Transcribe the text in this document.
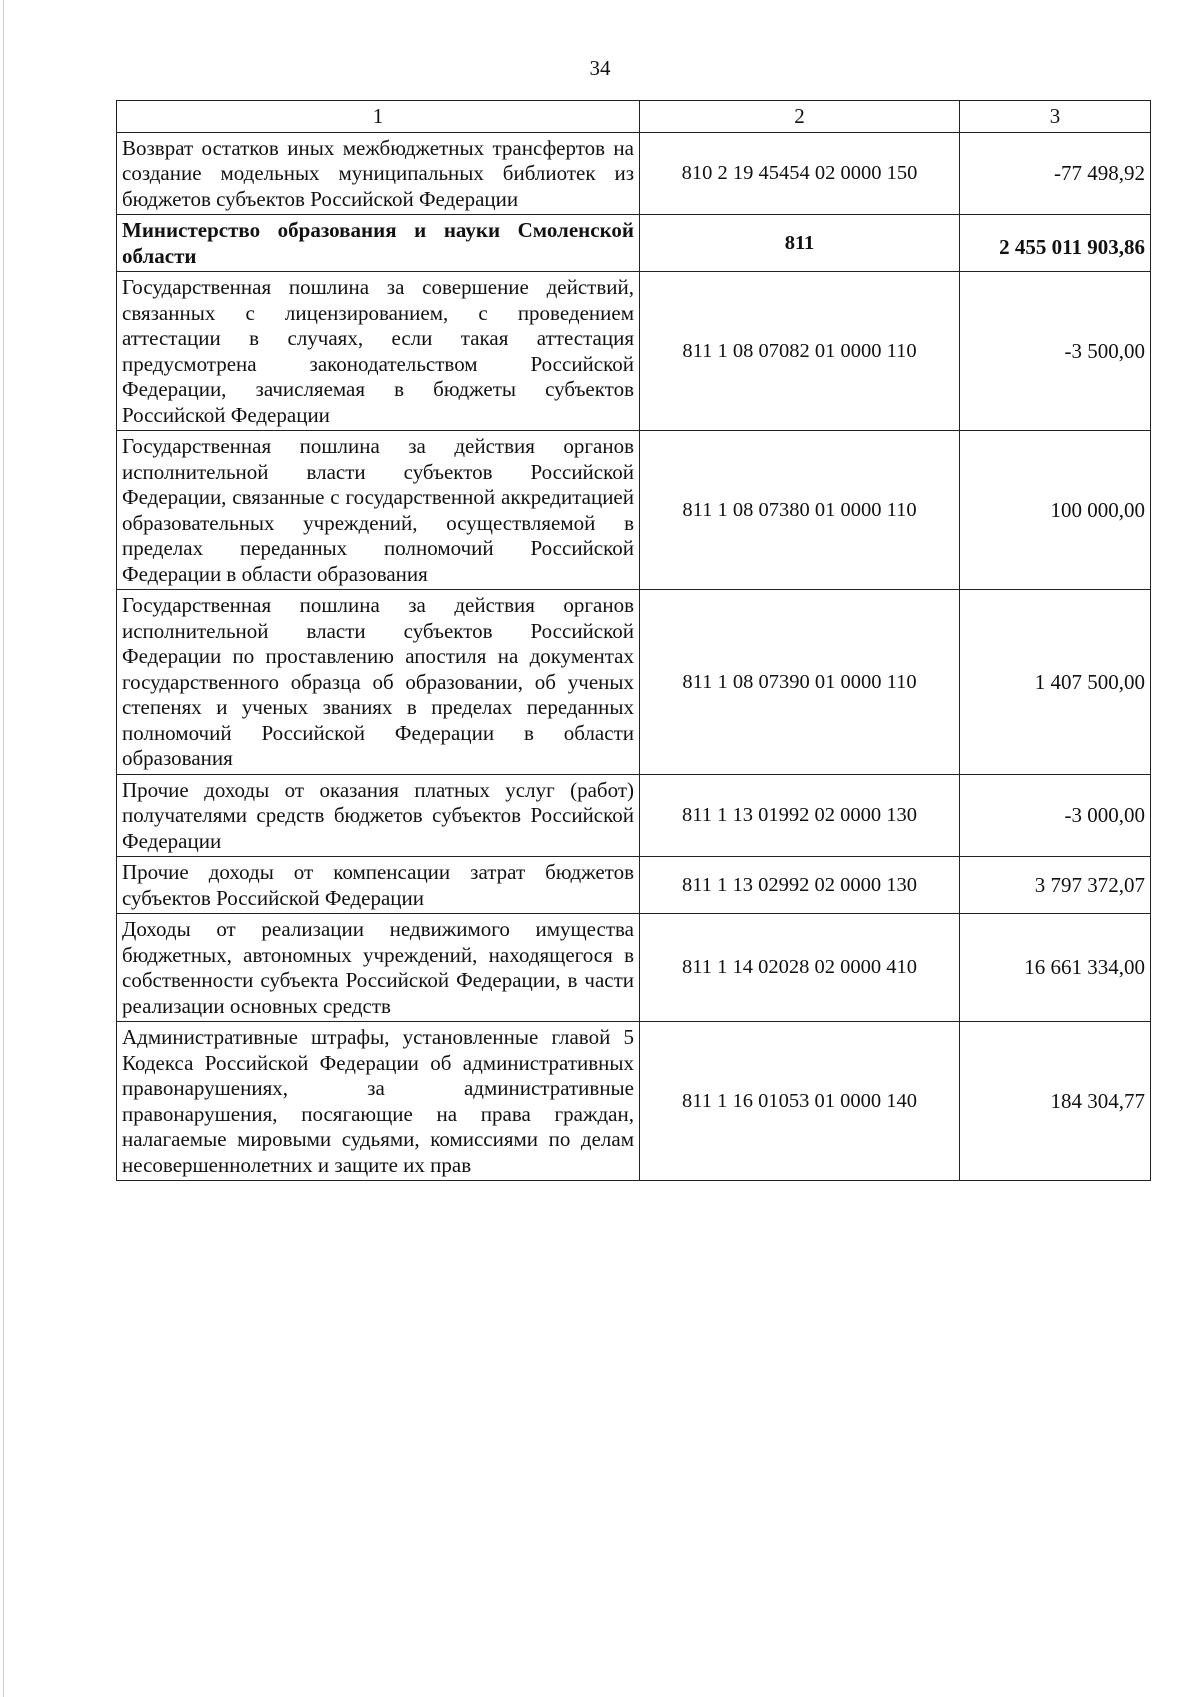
34
1	2	3
Возврат остатков иных межбюджетных трансфертов на создание модельных муниципальных библиотек из бюджетов субъектов Российской Федерации	810 2 19 45454 02 0000 150	-77 498,92
Министерство образования и науки Смоленской области	811	2 455 011 903,86
Государственная пошлина за совершение действий, связанных с лицензированием, с проведением аттестации в случаях, если такая аттестация предусмотрена законодательством Российской Федерации, зачисляемая в бюджеты субъектов Российской Федерации	811 1 08 07082 01 0000 110	-3 500,00
Государственная пошлина за действия органов исполнительной власти субъектов Российской Федерации, связанные с государственной аккредитацией образовательных учреждений, осуществляемой в пределах переданных полномочий Российской Федерации в области образования	811 1 08 07380 01 0000 110	100 000,00
Государственная пошлина за действия органов исполнительной власти субъектов Российской Федерации по проставлению апостиля на документах государственного образца об образовании, об ученых степенях и ученых званиях в пределах переданных полномочий Российской Федерации в области образования	811 1 08 07390 01 0000 110	1 407 500,00
Прочие доходы от оказания платных услуг (работ) получателями средств бюджетов субъектов Российской Федерации	811 1 13 01992 02 0000 130	-3 000,00
Прочие доходы от компенсации затрат бюджетов субъектов Российской Федерации	811 1 13 02992 02 0000 130	3 797 372,07
Доходы от реализации недвижимого имущества бюджетных, автономных учреждений, находящегося в собственности субъекта Российской Федерации, в части реализации основных средств	811 1 14 02028 02 0000 410	16 661 334,00
Административные штрафы, установленные главой 5 Кодекса Российской Федерации об административных правонарушениях, за административные правонарушения, посягающие на права граждан, налагаемые мировыми судьями, комиссиями по делам несовершеннолетних и защите их прав	811 1 16 01053 01 0000 140	184 304,77
